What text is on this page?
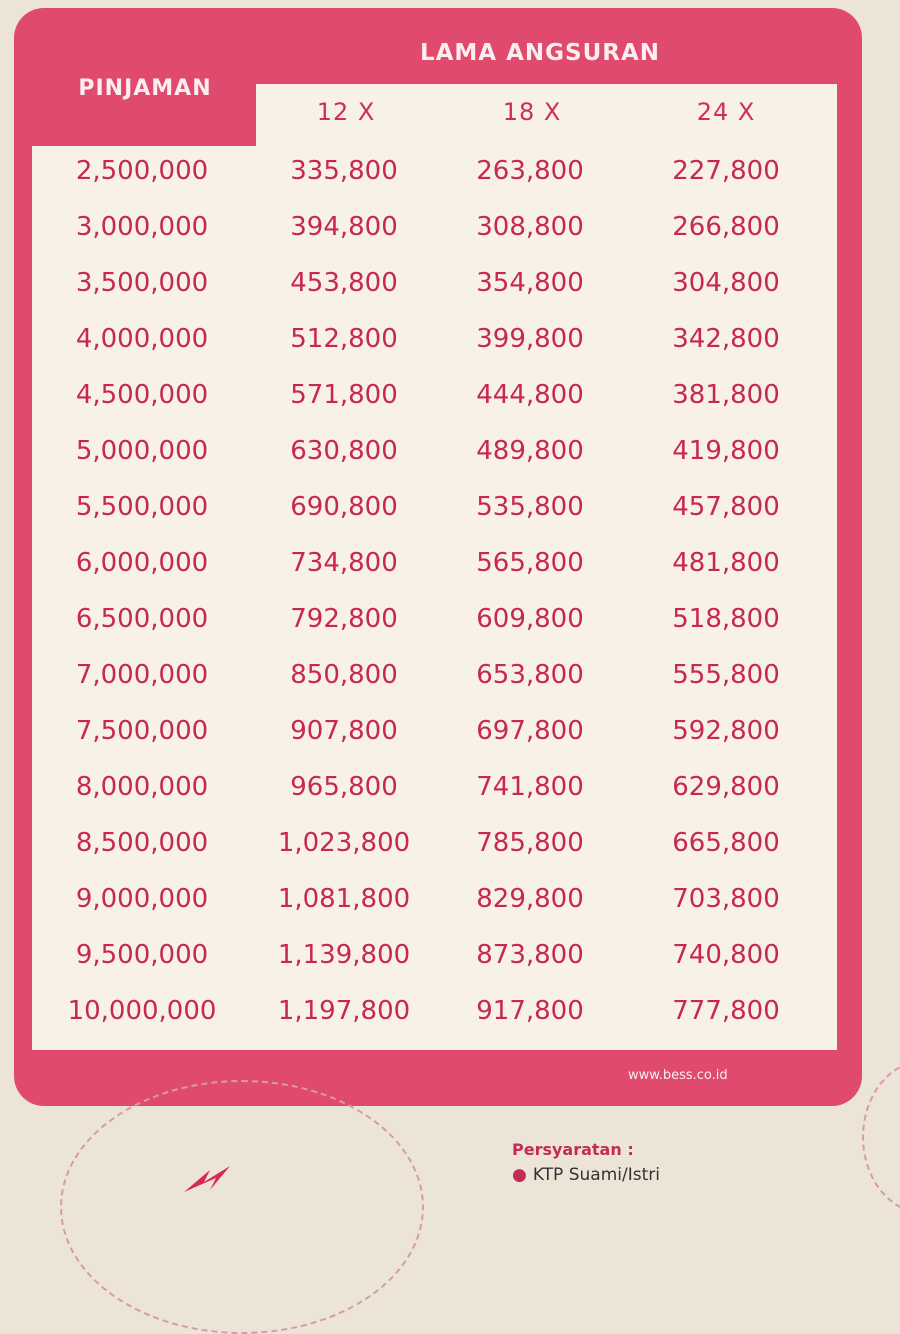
PINJAMAN
LAMA ANGSURAN
12 X	18 X	24 X
2,500,000	335,800	263,800	227,800
3,000,000	394,800	308,800	266,800
3,500,000	453,800	354,800	304,800
4,000,000	512,800	399,800	342,800
4,500,000	571,800	444,800	381,800
5,000,000	630,800	489,800	419,800
5,500,000	690,800	535,800	457,800
6,000,000	734,800	565,800	481,800
6,500,000	792,800	609,800	518,800
7,000,000	850,800	653,800	555,800
7,500,000	907,800	697,800	592,800
8,000,000	965,800	741,800	629,800
8,500,000	1,023,800	785,800	665,800
9,000,000	1,081,800	829,800	703,800
9,500,000	1,139,800	873,800	740,800
10,000,000	1,197,800	917,800	777,800
www.bess.co.id
Persyaratan :
● KTP Suami/Istri
